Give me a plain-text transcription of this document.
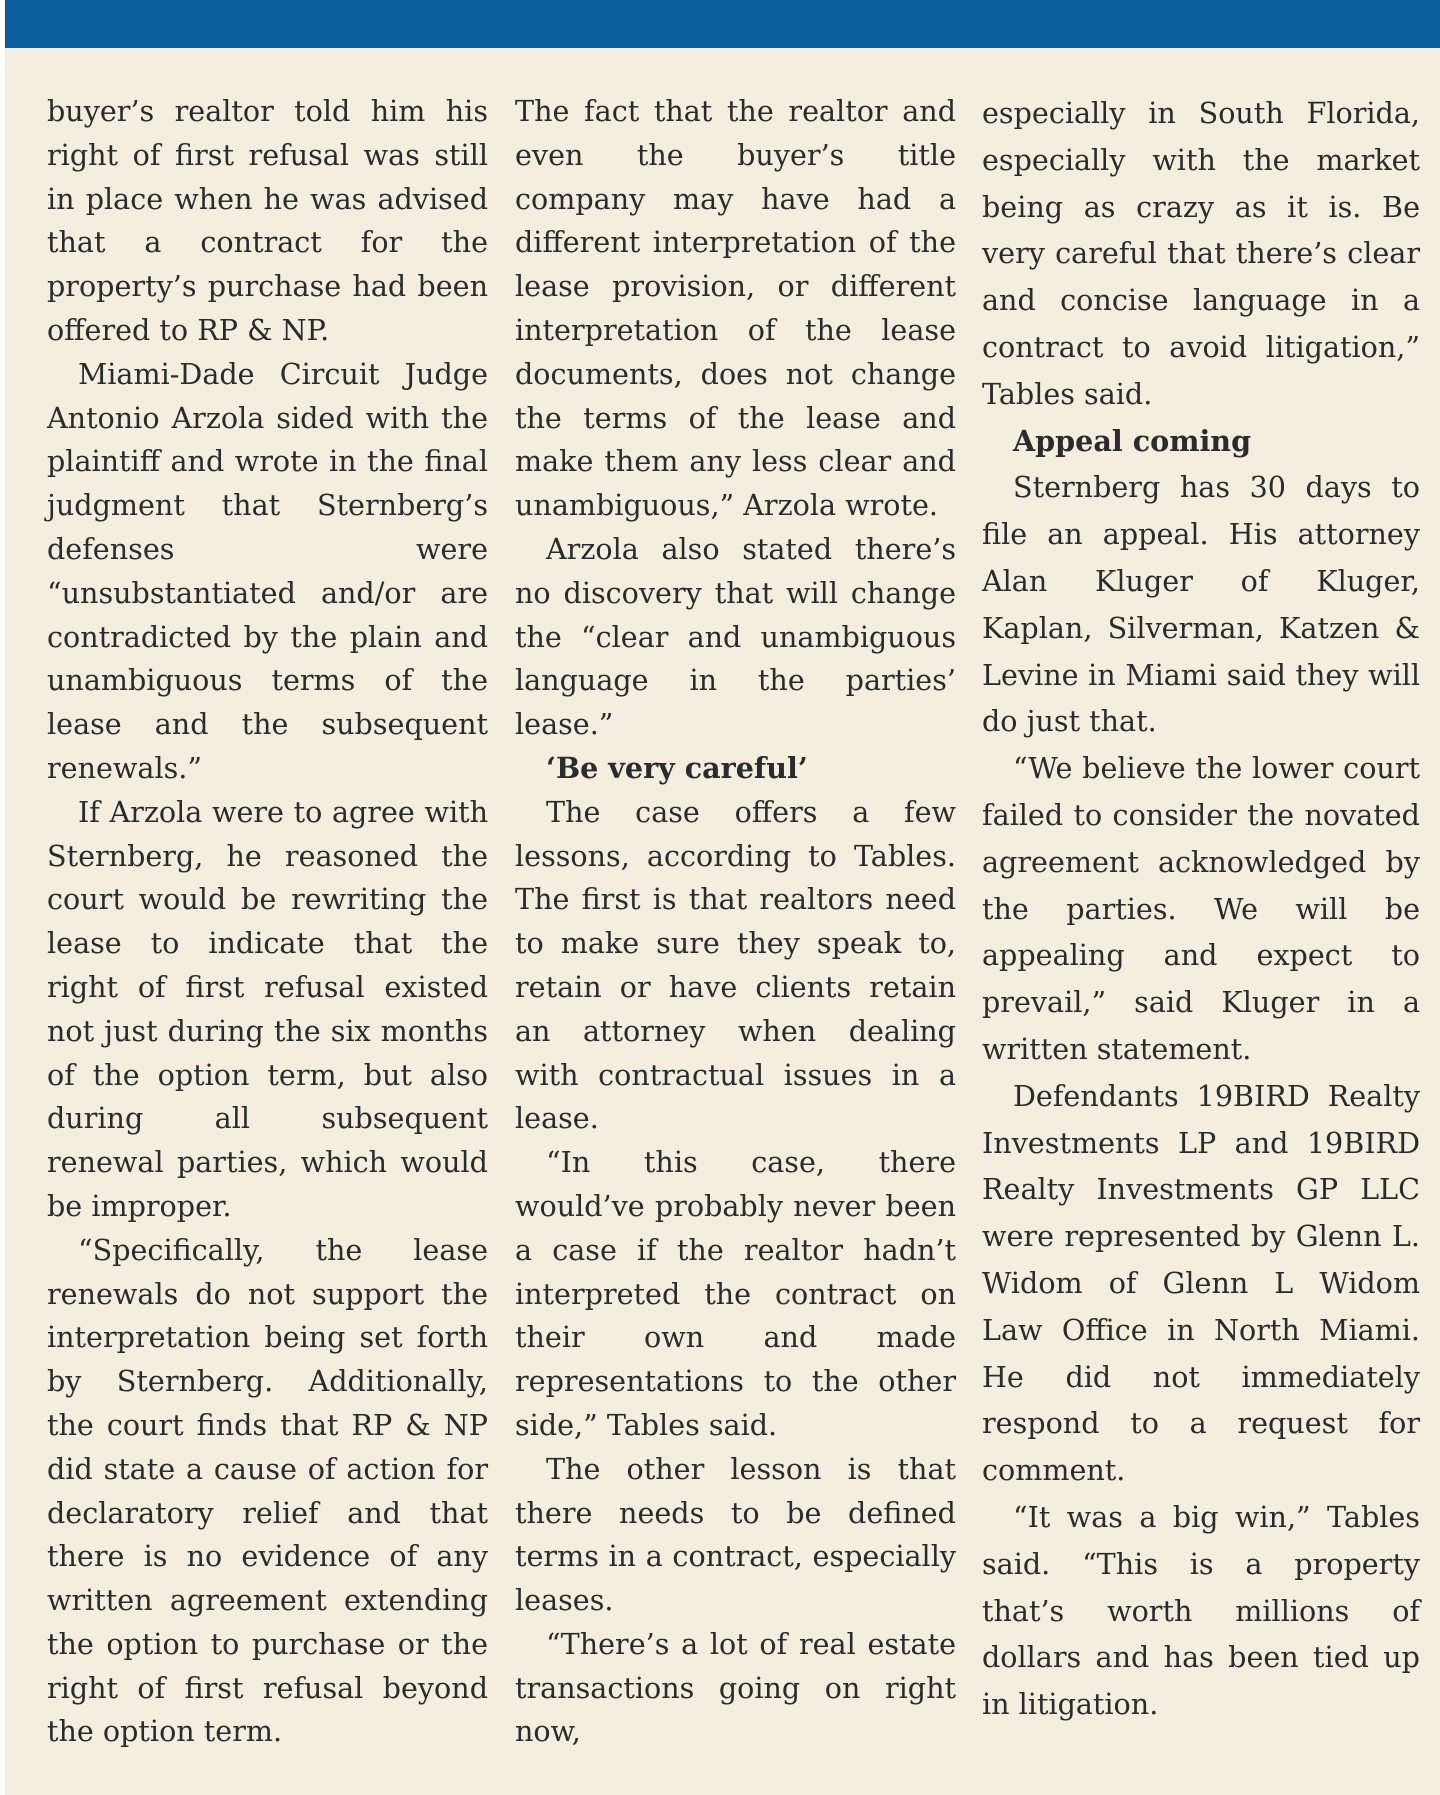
buyer’s realtor told him his right of first refusal was still in place when he was advised that a contract for the property’s purchase had been offered to RP & NP.

Miami-Dade Circuit Judge Antonio Arzola sided with the plaintiff and wrote in the final judgment that Sternberg’s defenses were “unsubstantiated and/or are contradicted by the plain and unambiguous terms of the lease and the subsequent renewals.”

If Arzola were to agree with Sternberg, he reasoned the court would be rewriting the lease to indicate that the right of first refusal existed not just during the six months of the option term, but also during all subsequent renewal parties, which would be improper.

“Specifically, the lease renewals do not support the interpretation being set forth by Sternberg. Additionally, the court finds that RP & NP did state a cause of action for declaratory relief and that there is no evidence of any written agreement extending the option to purchase or the right of first refusal beyond the option term.

The fact that the realtor and even the buyer’s title company may have had a different interpretation of the lease provision, or different interpretation of the lease documents, does not change the terms of the lease and make them any less clear and unambiguous,” Arzola wrote.

Arzola also stated there’s no discovery that will change the “clear and unambiguous language in the parties’ lease.”

‘Be very careful’

The case offers a few lessons, according to Tables. The first is that realtors need to make sure they speak to, retain or have clients retain an attorney when dealing with contractual issues in a lease.

“In this case, there would’ve probably never been a case if the realtor hadn’t interpreted the contract on their own and made representations to the other side,” Tables said.

The other lesson is that there needs to be defined terms in a contract, especially leases.

“There’s a lot of real estate transactions going on right now,

especially in South Florida, especially with the market being as crazy as it is. Be very careful that there’s clear and concise language in a contract to avoid litigation,” Tables said.

Appeal coming

Sternberg has 30 days to file an appeal. His attorney Alan Kluger of Kluger, Kaplan, Silverman, Katzen & Levine in Miami said they will do just that.

“We believe the lower court failed to consider the novated agreement acknowledged by the parties. We will be appealing and expect to prevail,” said Kluger in a written statement.

Defendants 19BIRD Realty Investments LP and 19BIRD Realty Investments GP LLC were represented by Glenn L. Widom of Glenn L Widom Law Office in North Miami. He did not immediately respond to a request for comment.

“It was a big win,” Tables said. “This is a property that’s worth millions of dollars and has been tied up in litigation.
